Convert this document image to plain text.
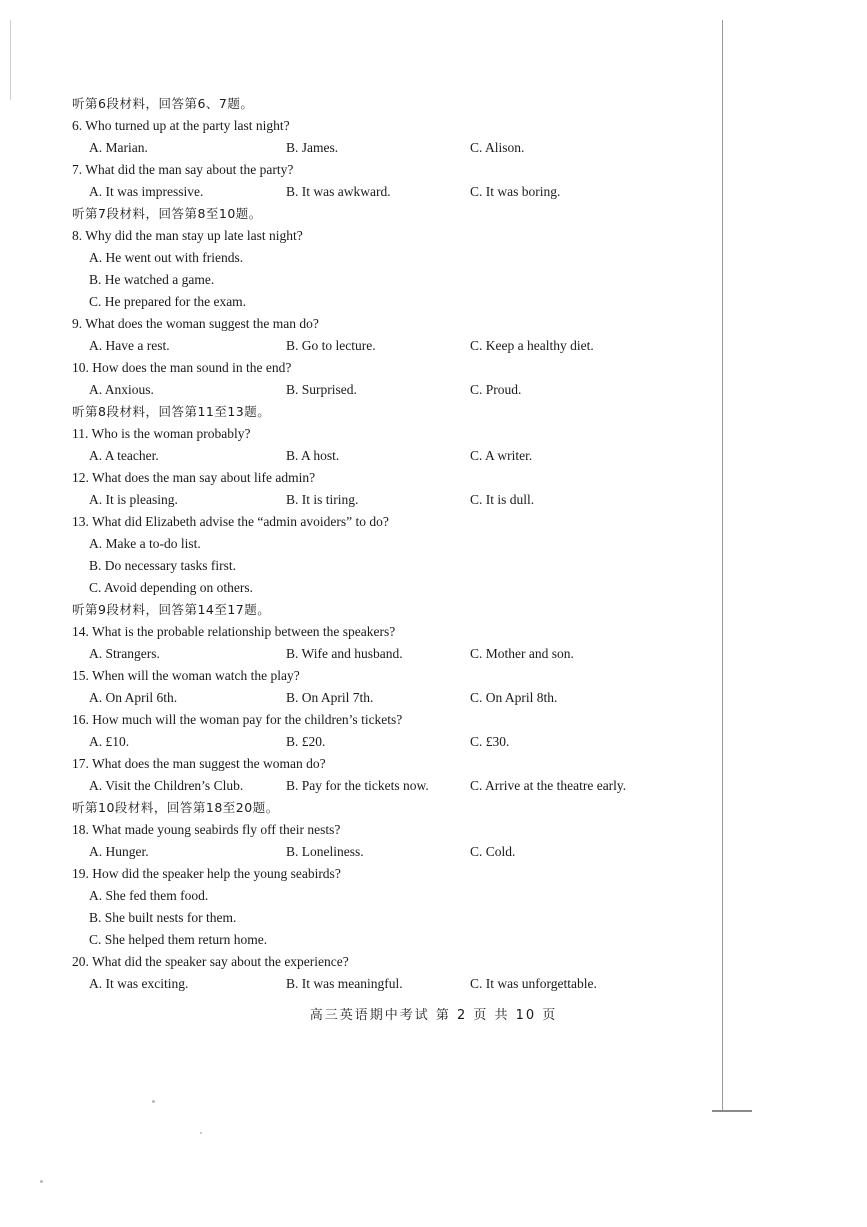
听第6段材料，回答第6、7题。
6. Who turned up at the party last night?
A. Marian.	B. James.	C. Alison.
7. What did the man say about the party?
A. It was impressive.	B. It was awkward.	C. It was boring.
听第7段材料，回答第8至10题。
8. Why did the man stay up late last night?
A. He went out with friends.
B. He watched a game.
C. He prepared for the exam.
9. What does the woman suggest the man do?
A. Have a rest.	B. Go to lecture.	C. Keep a healthy diet.
10. How does the man sound in the end?
A. Anxious.	B. Surprised.	C. Proud.
听第8段材料，回答第11至13题。
11. Who is the woman probably?
A. A teacher.	B. A host.	C. A writer.
12. What does the man say about life admin?
A. It is pleasing.	B. It is tiring.	C. It is dull.
13. What did Elizabeth advise the “admin avoiders” to do?
A. Make a to-do list.
B. Do necessary tasks first.
C. Avoid depending on others.
听第9段材料，回答第14至17题。
14. What is the probable relationship between the speakers?
A. Strangers.	B. Wife and husband.	C. Mother and son.
15. When will the woman watch the play?
A. On April 6th.	B. On April 7th.	C. On April 8th.
16. How much will the woman pay for the children’s tickets?
A. £10.	B. £20.	C. £30.
17. What does the man suggest the woman do?
A. Visit the Children’s Club.	B. Pay for the tickets now.	C. Arrive at the theatre early.
听第10段材料，回答第18至20题。
18. What made young seabirds fly off their nests?
A. Hunger.	B. Loneliness.	C. Cold.
19. How did the speaker help the young seabirds?
A. She fed them food.
B. She built nests for them.
C. She helped them return home.
20. What did the speaker say about the experience?
A. It was exciting.	B. It was meaningful.	C. It was unforgettable.
高三英语期中考试 第 2 页 共 10 页
